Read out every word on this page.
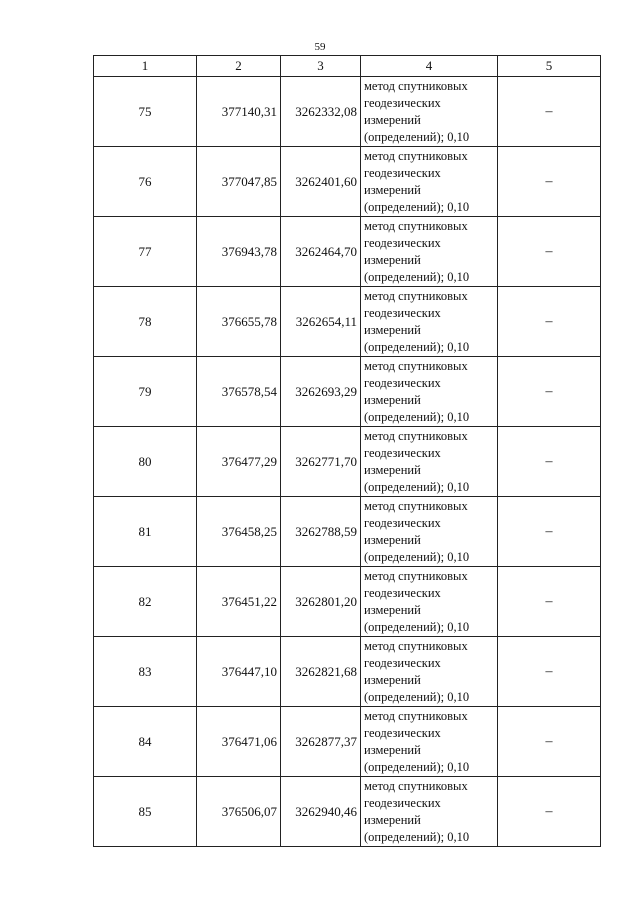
59
1	2	3	4	5
75	377140,31	3262332,08	метод спутниковых
геодезических
измерений
(определений); 0,10	–
76	377047,85	3262401,60	метод спутниковых
геодезических
измерений
(определений); 0,10	–
77	376943,78	3262464,70	метод спутниковых
геодезических
измерений
(определений); 0,10	–
78	376655,78	3262654,11	метод спутниковых
геодезических
измерений
(определений); 0,10	–
79	376578,54	3262693,29	метод спутниковых
геодезических
измерений
(определений); 0,10	–
80	376477,29	3262771,70	метод спутниковых
геодезических
измерений
(определений); 0,10	–
81	376458,25	3262788,59	метод спутниковых
геодезических
измерений
(определений); 0,10	–
82	376451,22	3262801,20	метод спутниковых
геодезических
измерений
(определений); 0,10	–
83	376447,10	3262821,68	метод спутниковых
геодезических
измерений
(определений); 0,10	–
84	376471,06	3262877,37	метод спутниковых
геодезических
измерений
(определений); 0,10	–
85	376506,07	3262940,46	метод спутниковых
геодезических
измерений
(определений); 0,10	–
